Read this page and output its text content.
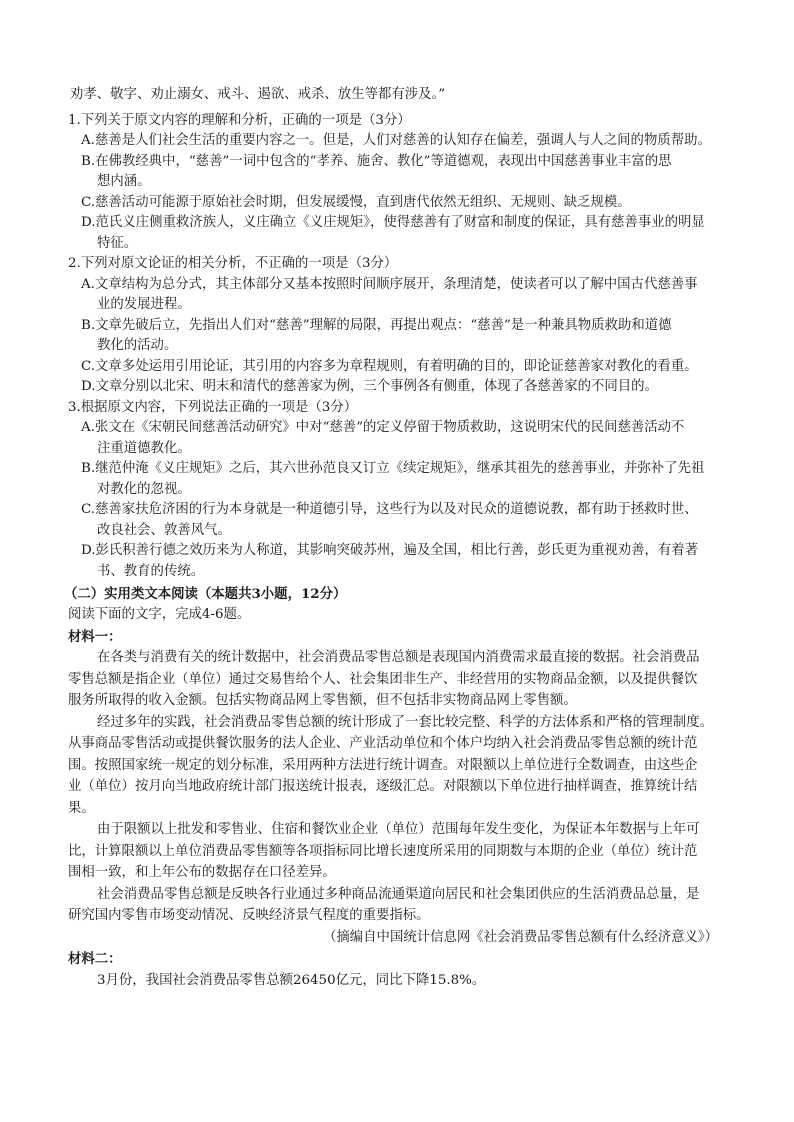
劝孝、敬字、劝止溺女、戒斗、遏欲、戒杀、放生等都有涉及。”
1.下列关于原文内容的理解和分析，正确的一项是（3分）
A.慈善是人们社会生活的重要内容之一。但是，人们对慈善的认知存在偏差，强调人与人之间的物质帮助。
B.在佛教经典中，“慈善”一词中包含的“孝养、施舍、教化”等道德观，表现出中国慈善事业丰富的思
想内涵。
C.慈善活动可能源于原始社会时期，但发展缓慢，直到唐代依然无组织、无规则、缺乏规模。
D.范氏义庄侧重救济族人，义庄确立《义庄规矩》，使得慈善有了财富和制度的保证，具有慈善事业的明显
特征。
2.下列对原文论证的相关分析，不正确的一项是（3分）
A.文章结构为总分式，其主体部分又基本按照时间顺序展开，条理清楚，使读者可以了解中国古代慈善事
业的发展进程。
B.文章先破后立，先指出人们对“慈善”理解的局限，再提出观点：“慈善”是一种兼具物质救助和道德
教化的活动。
C.文章多处运用引用论证，其引用的内容多为章程规则，有着明确的目的，即论证慈善家对教化的看重。
D.文章分别以北宋、明末和清代的慈善家为例，三个事例各有侧重，体现了各慈善家的不同目的。
3.根据原文内容，下列说法正确的一项是（3分）
A.张文在《宋朝民间慈善活动研究》中对“慈善”的定义停留于物质救助，这说明宋代的民间慈善活动不
注重道德教化。
B.继范仲淹《义庄规矩》之后，其六世孙范良又订立《续定规矩》，继承其祖先的慈善事业，并弥补了先祖
对教化的忽视。
C.慈善家扶危济困的行为本身就是一种道德引导，这些行为以及对民众的道德说教，都有助于拯救时世、
改良社会、敦善风气。
D.彭氏积善行德之效历来为人称道，其影响突破苏州，遍及全国，相比行善，彭氏更为重视劝善，有着著
书、教育的传统。
（二）实用类文本阅读（本题共3小题，12分）
阅读下面的文字，完成4-6题。
材料一：
在各类与消费有关的统计数据中，社会消费品零售总额是表现国内消费需求最直接的数据。社会消费品
零售总额是指企业（单位）通过交易售给个人、社会集团非生产、非经营用的实物商品金额，以及提供餐饮
服务所取得的收入金额。包括实物商品网上零售额，但不包括非实物商品网上零售额。
经过多年的实践，社会消费品零售总额的统计形成了一套比较完整、科学的方法体系和严格的管理制度。
从事商品零售活动或提供餐饮服务的法人企业、产业活动单位和个体户均纳入社会消费品零售总额的统计范
围。按照国家统一规定的划分标准，采用两种方法进行统计调查。对限额以上单位进行全数调查，由这些企
业（单位）按月向当地政府统计部门报送统计报表，逐级汇总。对限额以下单位进行抽样调查，推算统计结
果。
由于限额以上批发和零售业、住宿和餐饮业企业（单位）范围每年发生变化，为保证本年数据与上年可
比，计算限额以上单位消费品零售额等各项指标同比增长速度所采用的同期数与本期的企业（单位）统计范
围相一致，和上年公布的数据存在口径差异。
社会消费品零售总额是反映各行业通过多种商品流通渠道向居民和社会集团供应的生活消费品总量，是
研究国内零售市场变动情况、反映经济景气程度的重要指标。
（摘编自中国统计信息网《社会消费品零售总额有什么经济意义》）
材料二：
3月份，我国社会消费品零售总额26450亿元，同比下降15.8%。
